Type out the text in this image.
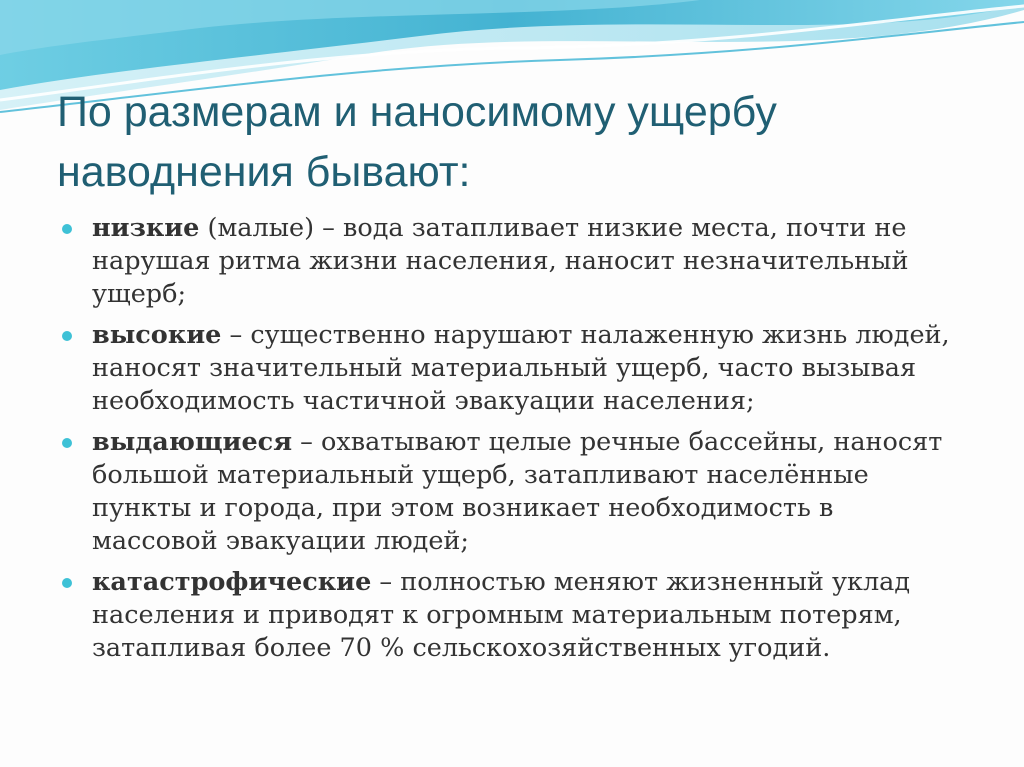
По размерам и наносимому ущербу наводнения бывают:
низкие (малые) – вода затапливает низкие места, почти не нарушая ритма жизни населения, наносит незначительный ущерб;
высокие – существенно нарушают налаженную жизнь людей, наносят значительный материальный ущерб, часто вызывая необходимость частичной эвакуации населения;
выдающиеся – охватывают целые речные бассейны, наносят большой материальный ущерб, затапливают населённые пункты и города, при этом возникает необходимость в массовой эвакуации людей;
катастрофические – полностью меняют жизненный уклад населения и приводят к огромным материальным потерям, затапливая более 70 % сельскохозяйственных угодий.
